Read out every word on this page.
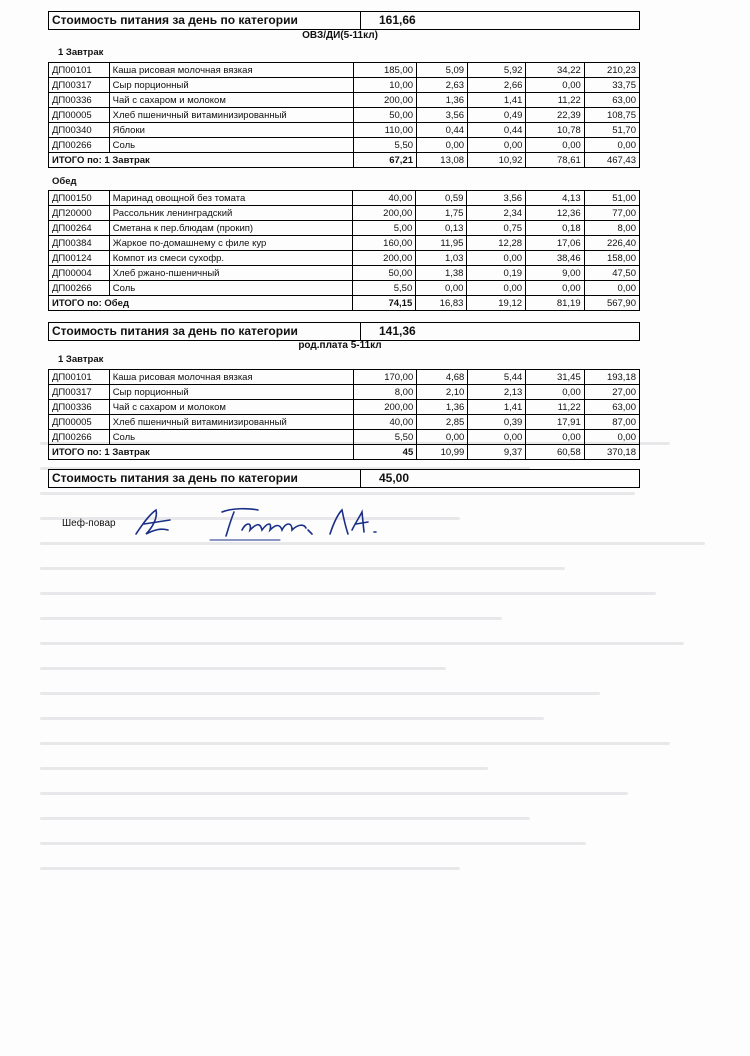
Стоимость питания за день по категории	161,66
ОВЗ/ДИ(5-11кл)
1 Завтрак
ДП00101	Каша рисовая молочная вязкая	185,00	5,09	5,92	34,22	210,23
ДП00317	Сыр порционный	10,00	2,63	2,66	0,00	33,75
ДП00336	Чай с сахаром и молоком	200,00	1,36	1,41	11,22	63,00
ДП00005	Хлеб пшеничный витаминизированный	50,00	3,56	0,49	22,39	108,75
ДП00340	Яблоки	110,00	0,44	0,44	10,78	51,70
ДП00266	Соль	5,50	0,00	0,00	0,00	0,00
ИТОГО по: 1 Завтрак		67,21	13,08	10,92	78,61	467,43
Обед
ДП00150	Маринад овощной без томата	40,00	0,59	3,56	4,13	51,00
ДП20000	Рассольник ленинградский	200,00	1,75	2,34	12,36	77,00
ДП00264	Сметана к пер.блюдам (прокип)	5,00	0,13	0,75	0,18	8,00
ДП00384	Жаркое по-домашнему с филе кур	160,00	11,95	12,28	17,06	226,40
ДП00124	Компот из смеси сухофр.	200,00	1,03	0,00	38,46	158,00
ДП00004	Хлеб ржано-пшеничный	50,00	1,38	0,19	9,00	47,50
ДП00266	Соль	5,50	0,00	0,00	0,00	0,00
ИТОГО по: Обед		74,15	16,83	19,12	81,19	567,90
Стоимость питания за день по категории	141,36
род.плата 5-11кл
1 Завтрак
ДП00101	Каша рисовая молочная вязкая	170,00	4,68	5,44	31,45	193,18
ДП00317	Сыр порционный	8,00	2,10	2,13	0,00	27,00
ДП00336	Чай с сахаром и молоком	200,00	1,36	1,41	11,22	63,00
ДП00005	Хлеб пшеничный витаминизированный	40,00	2,85	0,39	17,91	87,00
ДП00266	Соль	5,50	0,00	0,00	0,00	0,00
ИТОГО по: 1 Завтрак		45	10,99	9,37	60,58	370,18
Стоимость питания за день по категории	45,00
Шеф-повар
